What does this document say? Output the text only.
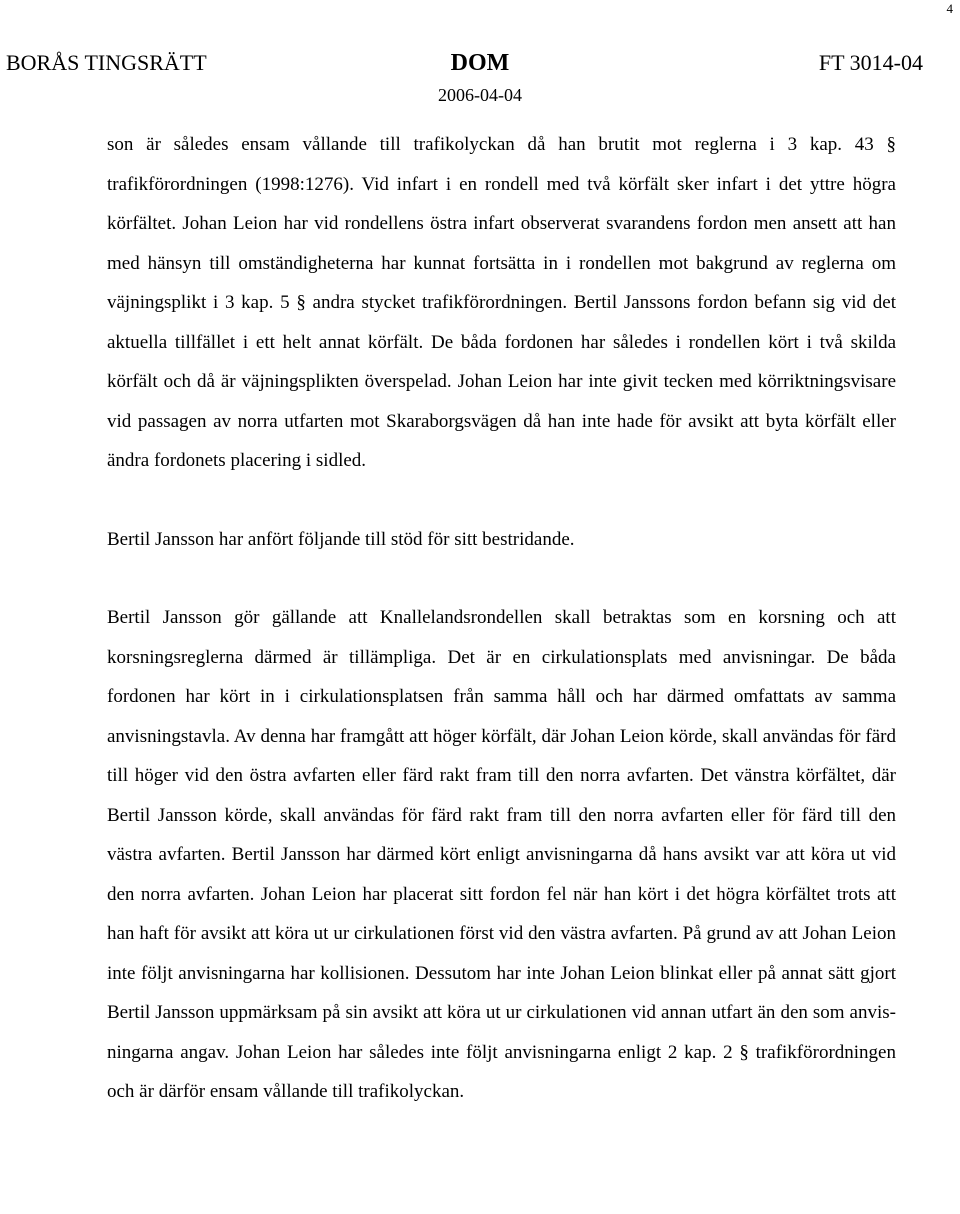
4
BORÅS TINGSRÄTT	DOM	FT 3014-04
2006-04-04

son är således ensam vållande till trafikolyckan då han brutit mot reglerna i 3 kap. 43 § trafikförordningen (1998:1276). Vid infart i en rondell med två körfält sker infart i det yttre högra körfältet. Johan Leion har vid rondellens östra infart observerat svarandens fordon men ansett att han med hänsyn till omständigheterna har kunnat fortsätta in i rondellen mot bakgrund av reglerna om väjningsplikt i 3 kap. 5 § andra stycket trafikförordningen. Bertil Janssons fordon befann sig vid det aktuella tillfället i ett helt annat körfält. De båda fordonen har således i rondellen kört i två skilda körfält och då är väjningsplikten överspelad. Johan Leion har inte givit tecken med körriktningsvisare vid passagen av norra utfarten mot Skaraborgsvägen då han inte hade för avsikt att byta körfält eller ändra fordonets placering i sidled.

Bertil Jansson har anfört följande till stöd för sitt bestridande.

Bertil Jansson gör gällande att Knallelandsrondellen skall betraktas som en korsning och att korsningsreglerna därmed är tillämpliga. Det är en cirkulationsplats med anvisningar. De båda fordonen har kört in i cirkulationsplatsen från samma håll och har därmed omfattats av samma anvisningstavla. Av denna har framgått att höger körfält, där Johan Leion körde, skall användas för färd till höger vid den östra avfarten eller färd rakt fram till den norra avfarten. Det vänstra körfältet, där Bertil Jansson körde, skall användas för färd rakt fram till den norra avfarten eller för färd till den västra avfarten. Bertil Jansson har därmed kört enligt anvisningarna då hans avsikt var att köra ut vid den norra avfarten. Johan Leion har placerat sitt fordon fel när han kört i det högra körfältet trots att han haft för avsikt att köra ut ur cirkulationen först vid den västra avfarten. På grund av att Johan Leion inte följt anvisningarna har kollisionen. Dessutom har inte Johan Leion blinkat eller på annat sätt gjort Bertil Jansson uppmärksam på sin avsikt att köra ut ur cirkulationen vid annan utfart än den som anvisningarna angav. Johan Leion har således inte följt anvisningarna enligt 2 kap. 2 § trafikförordningen och är därför ensam vållande till trafikolyckan.
